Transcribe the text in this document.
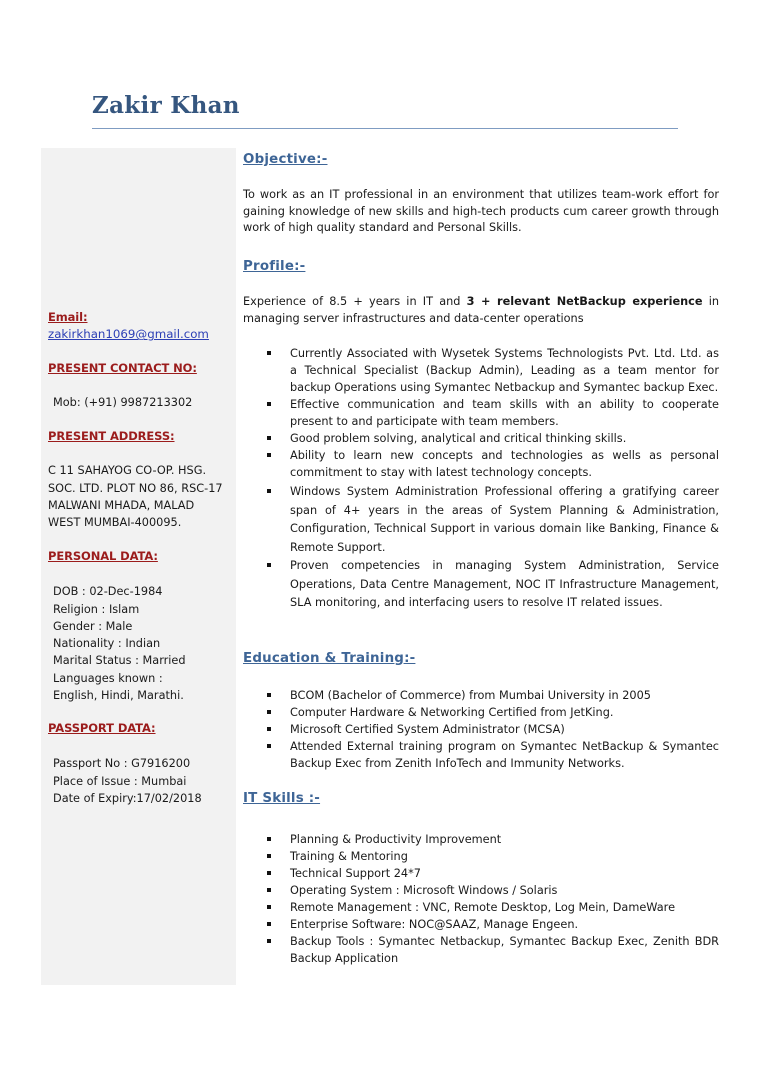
Zakir Khan
Email:
zakirkhan1069@gmail.com
PRESENT CONTACT NO:
Mob: (+91) 9987213302
PRESENT ADDRESS:
C 11 SAHAYOG CO-OP. HSG.
SOC. LTD. PLOT NO 86, RSC-17
MALWANI MHADA, MALAD
WEST MUMBAI-400095.
PERSONAL DATA:
DOB : 02-Dec-1984
Religion : Islam
Gender : Male
Nationality : Indian
Marital Status : Married
Languages known :
English, Hindi, Marathi.
PASSPORT DATA:
Passport No : G7916200
Place of Issue : Mumbai
Date of Expiry:17/02/2018
Objective:-

To work as an IT professional in an environment that utilizes team-work effort for gaining knowledge of new skills and high-tech products cum career growth through work of high quality standard and Personal Skills.

Profile:-

Experience of 8.5 + years in IT and 3 + relevant NetBackup experience in managing server infrastructures and data-center operations

Currently Associated with Wysetek Systems Technologists Pvt. Ltd. Ltd. as a Technical Specialist (Backup Admin), Leading as a team mentor for backup Operations using Symantec Netbackup and Symantec backup Exec.
Effective communication and team skills with an ability to cooperate present to and participate with team members.
Good problem solving, analytical and critical thinking skills.
Ability to learn new concepts and technologies as wells as personal commitment to stay with latest technology concepts.
Windows System Administration Professional offering a gratifying career span of 4+ years in the areas of System Planning & Administration, Configuration, Technical Support in various domain like Banking, Finance & Remote Support.
Proven competencies in managing System Administration, Service Operations, Data Centre Management, NOC IT Infrastructure Management, SLA monitoring, and interfacing users to resolve IT related issues.
Education & Training:-
BCOM (Bachelor of Commerce) from Mumbai University in 2005
Computer Hardware & Networking Certified from JetKing.
Microsoft Certified System Administrator (MCSA)
Attended External training program on Symantec NetBackup & Symantec Backup Exec from Zenith InfoTech and Immunity Networks.
IT Skills :-
Planning & Productivity Improvement
Training & Mentoring
Technical Support 24*7
Operating System : Microsoft Windows / Solaris
Remote Management : VNC, Remote Desktop, Log Mein, DameWare
Enterprise Software: NOC@SAAZ, Manage Engeen.
Backup Tools : Symantec Netbackup, Symantec Backup Exec, Zenith BDR Backup Application
